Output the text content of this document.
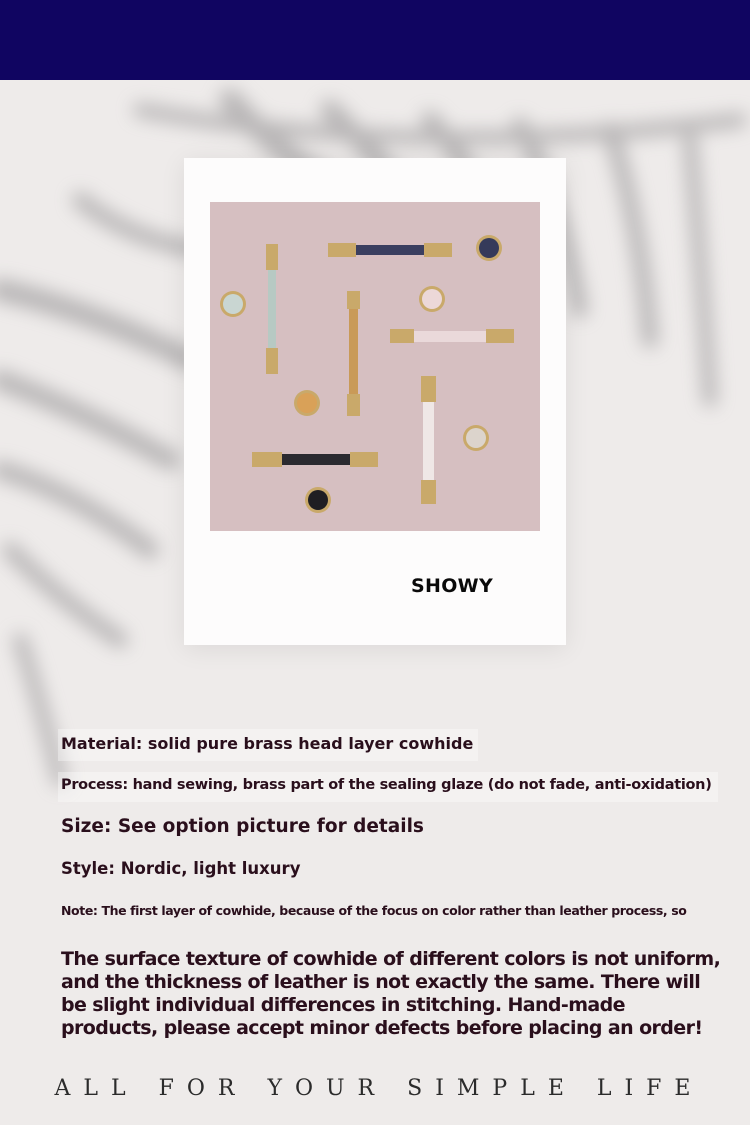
SHOWY
Material: solid pure brass head layer cowhide
Process: hand sewing, brass part of the sealing glaze (do not fade, anti-oxidation)
Size: See option picture for details
Style: Nordic, light luxury
Note: The first layer of cowhide, because of the focus on color rather than leather process, so
The surface texture of cowhide of different colors is not uniform,
and the thickness of leather is not exactly the same. There will
be slight individual differences in stitching. Hand-made
products, please accept minor defects before placing an order!
ALL FOR YOUR SIMPLE LIFE
